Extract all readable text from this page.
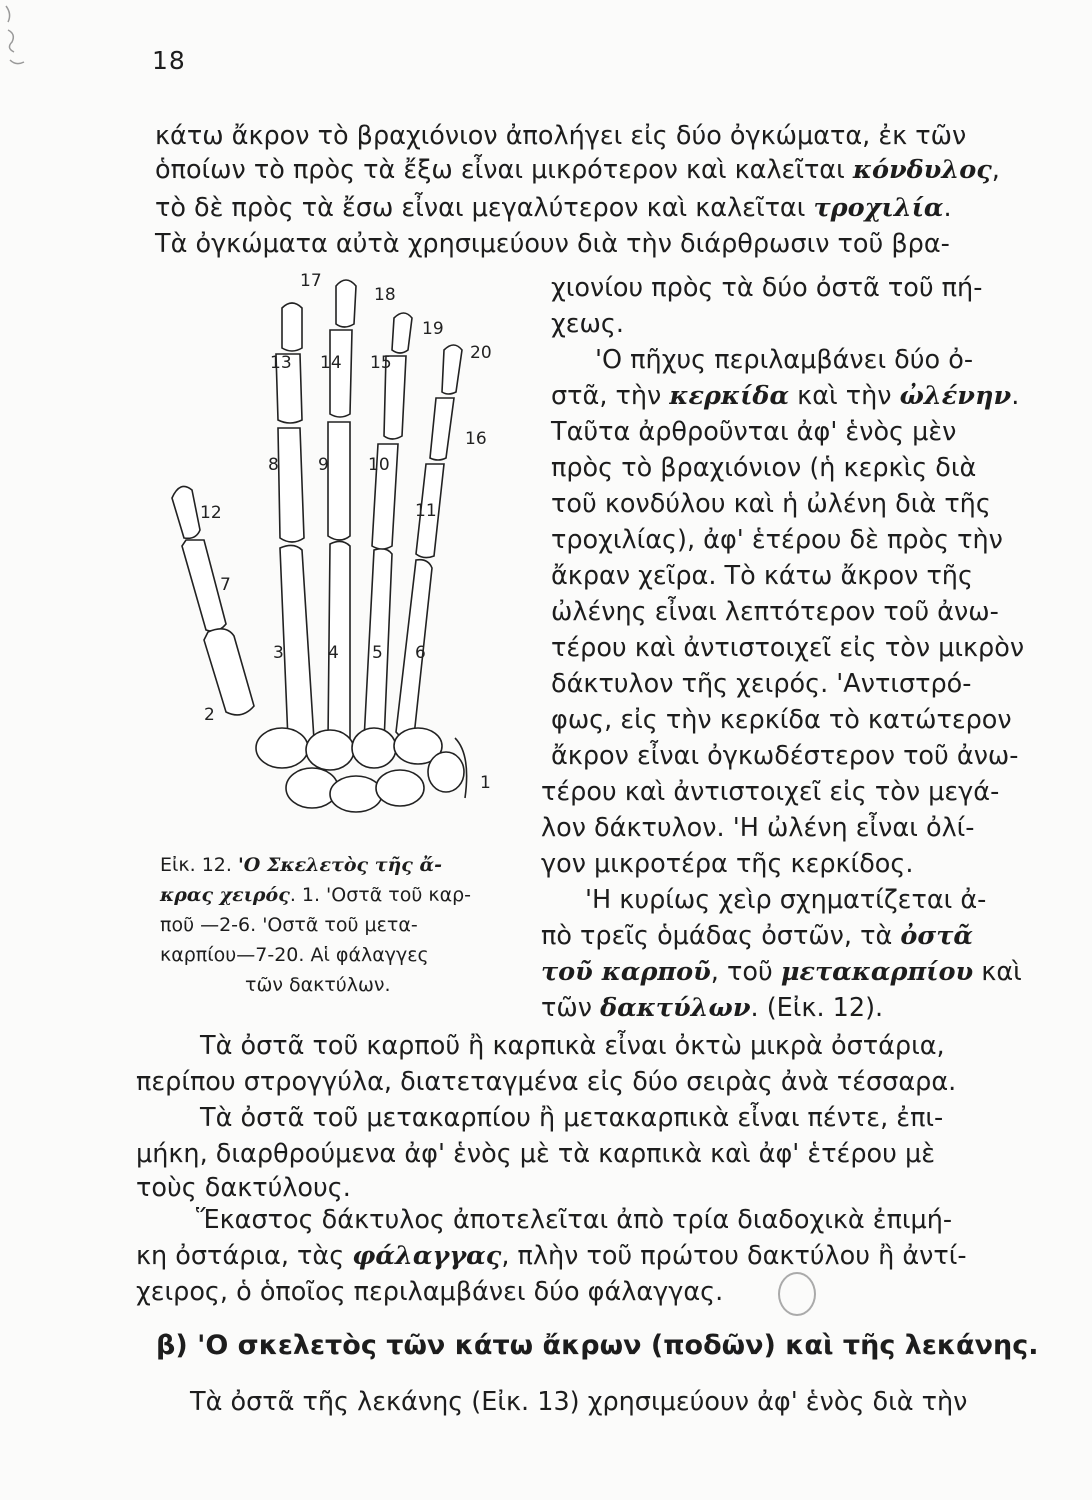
18
κάτω ἄκρον τὸ βραχιόνιον ἀπολήγει εἰς δύο ὀγκώματα, ἐκ τῶν
ὁποίων τὸ πρὸς τὰ ἔξω εἶναι μικρότερον καὶ καλεῖται κόνδυλος,
τὸ δὲ πρὸς τὰ ἔσω εἶναι μεγαλύτερον καὶ καλεῖται τροχιλία.
Τὰ ὀγκώματα αὐτὰ χρησιμεύουν διὰ τὴν διάρθρωσιν τοῦ βρα-
1
2
3	4 5 6
7
8 9 10
11
12
13 14 15
16
17
18
19
20
χιονίου πρὸς τὰ δύο ὀστᾶ τοῦ πή-
χεως.
'Ο πῆχυς περιλαμβάνει δύο ὀ-
στᾶ, τὴν κερκίδα καὶ τὴν ὠλένην.
Ταῦτα ἀρθροῦνται ἀφ' ἑνὸς μὲν
πρὸς τὸ βραχιόνιον (ἡ κερκὶς διὰ
τοῦ κονδύλου καὶ ἡ ὠλένη διὰ τῆς
τροχιλίας), ἀφ' ἑτέρου δὲ πρὸς τὴν
ἄκραν χεῖρα. Τὸ κάτω ἄκρον τῆς
ὠλένης εἶναι λεπτότερον τοῦ ἀνω-
τέρου καὶ ἀντιστοιχεῖ εἰς τὸν μικρὸν
δάκτυλον τῆς χειρός. 'Αντιστρό-
φως, εἰς τὴν κερκίδα τὸ κατώτερον
ἄκρον εἶναι ὀγκωδέστερον τοῦ ἀνω-
τέρου καὶ ἀντιστοιχεῖ εἰς τὸν μεγά-
λον δάκτυλον. 'Η ὠλένη εἶναι ὀλί-
γον μικροτέρα τῆς κερκίδος.
'Η κυρίως χεὶρ σχηματίζεται ἀ-
πὸ τρεῖς ὁμάδας ὀστῶν, τὰ ὀστᾶ
τοῦ καρποῦ, τοῦ μετακαρπίου καὶ
τῶν δακτύλων. (Εἰκ. 12).
Εἰκ. 12. 'Ο Σκελετὸς τῆς ἄ-
κρας χειρός. 1. 'Οστᾶ τοῦ καρ-
ποῦ —2-6. 'Οστᾶ τοῦ μετα-
καρπίου—7-20. Αἱ φάλαγγες
τῶν δακτύλων.
Τὰ ὀστᾶ τοῦ καρποῦ ἢ καρπικὰ εἶναι ὀκτὼ μικρὰ ὀστάρια,
περίπου στρογγύλα, διατεταγμένα εἰς δύο σειρὰς ἀνὰ τέσσαρα.
Τὰ ὀστᾶ τοῦ μετακαρπίου ἢ μετακαρπικὰ εἶναι πέντε, ἐπι-
μήκη, διαρθρούμενα ἀφ' ἑνὸς μὲ τὰ καρπικὰ καὶ ἀφ' ἑτέρου μὲ
τοὺς δακτύλους.
Ἕκαστος δάκτυλος ἀποτελεῖται ἀπὸ τρία διαδοχικὰ ἐπιμή-
κη ὀστάρια, τὰς φάλαγγας, πλὴν τοῦ πρώτου δακτύλου ἢ ἀντί-
χειρος, ὁ ὁποῖος περιλαμβάνει δύο φάλαγγας.
β) 'Ο σκελετὸς τῶν κάτω ἄκρων (ποδῶν) καὶ τῆς λεκάνης.
Τὰ ὀστᾶ τῆς λεκάνης (Εἰκ. 13) χρησιμεύουν ἀφ' ἑνὸς διὰ τὴν
